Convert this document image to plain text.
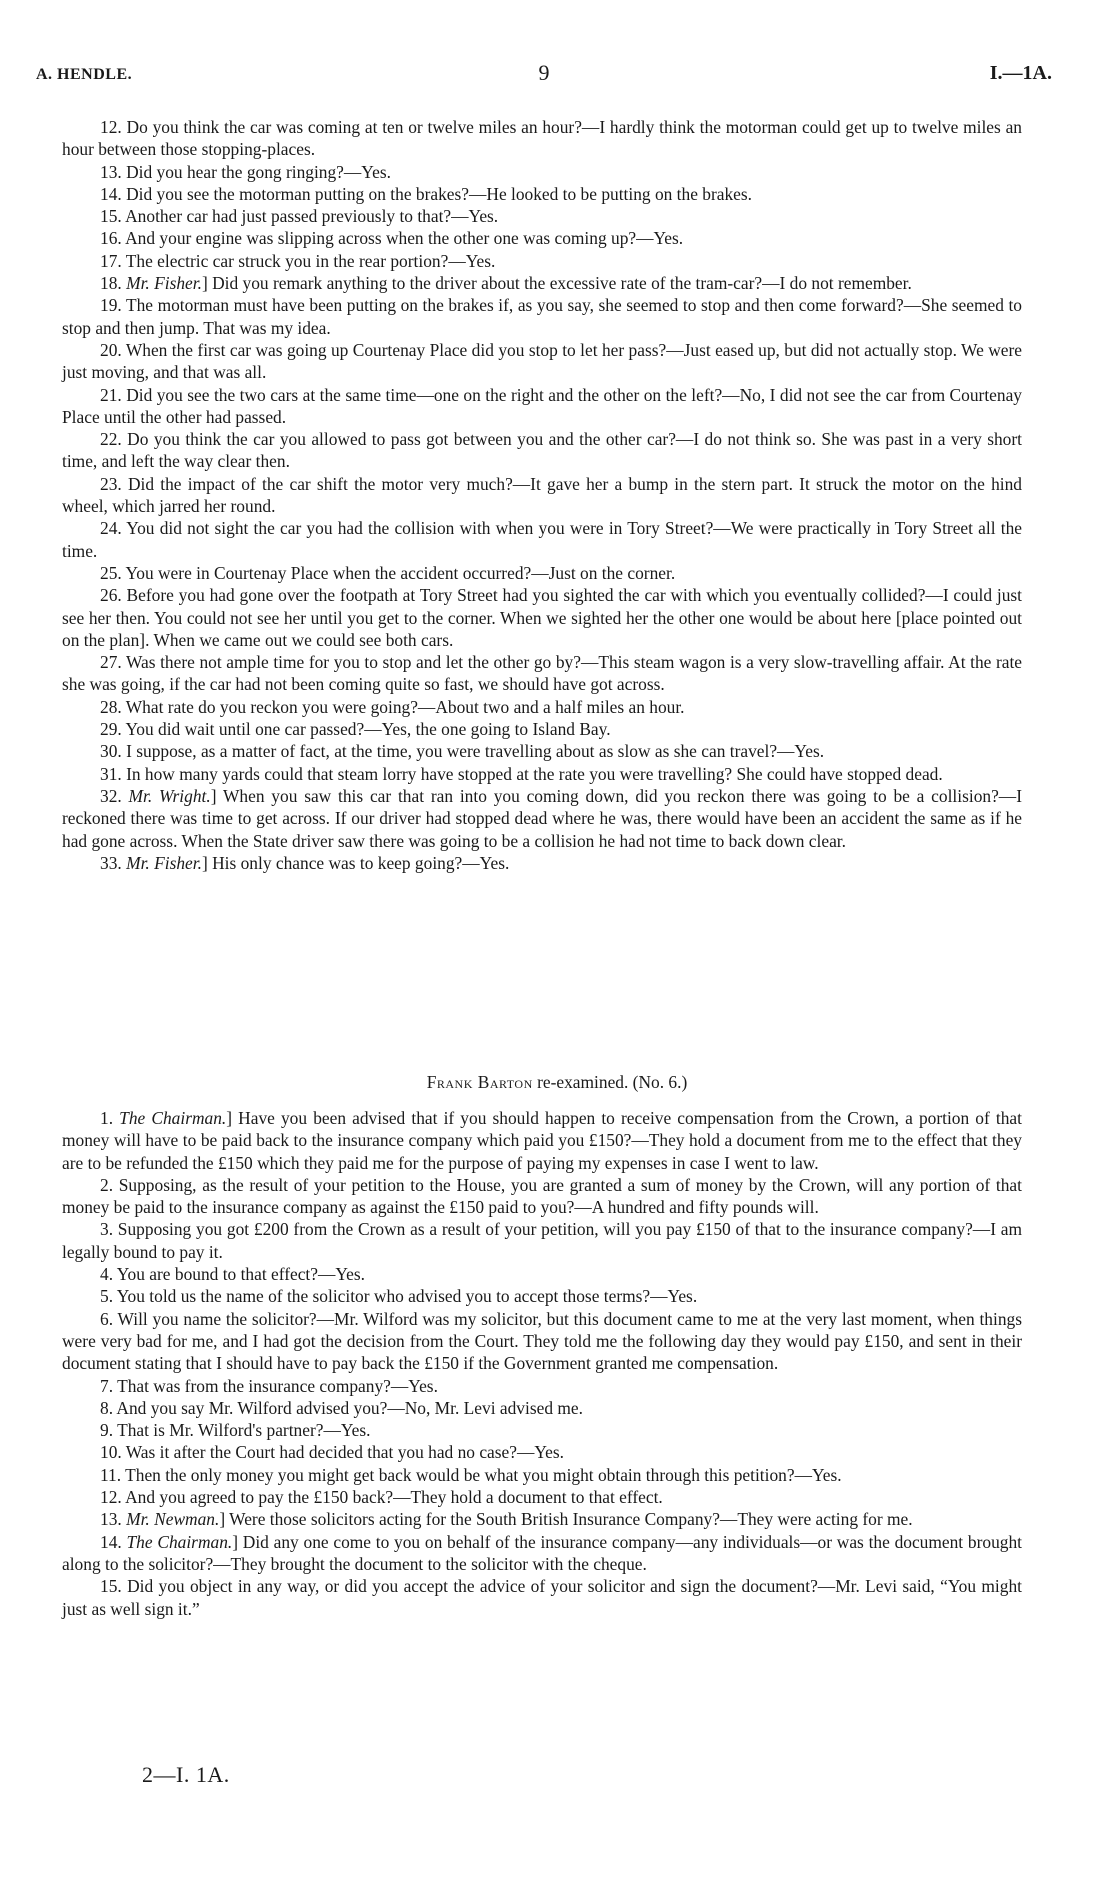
A. HENDLE.	9	I.—1A.

12. Do you think the car was coming at ten or twelve miles an hour?—I hardly think the motorman could get up to twelve miles an hour between those stopping-places.

13. Did you hear the gong ringing?—Yes.

14. Did you see the motorman putting on the brakes?—He looked to be putting on the brakes.

15. Another car had just passed previously to that?—Yes.

16. And your engine was slipping across when the other one was coming up?—Yes.

17. The electric car struck you in the rear portion?—Yes.

18. Mr. Fisher.] Did you remark anything to the driver about the excessive rate of the tram-car?—I do not remember.

19. The motorman must have been putting on the brakes if, as you say, she seemed to stop and then come forward?—She seemed to stop and then jump. That was my idea.

20. When the first car was going up Courtenay Place did you stop to let her pass?—Just eased up, but did not actually stop. We were just moving, and that was all.

21. Did you see the two cars at the same time—one on the right and the other on the left?—No, I did not see the car from Courtenay Place until the other had passed.

22. Do you think the car you allowed to pass got between you and the other car?—I do not think so. She was past in a very short time, and left the way clear then.

23. Did the impact of the car shift the motor very much?—It gave her a bump in the stern part. It struck the motor on the hind wheel, which jarred her round.

24. You did not sight the car you had the collision with when you were in Tory Street?—We were practically in Tory Street all the time.

25. You were in Courtenay Place when the accident occurred?—Just on the corner.

26. Before you had gone over the footpath at Tory Street had you sighted the car with which you eventually collided?—I could just see her then. You could not see her until you get to the corner. When we sighted her the other one would be about here [place pointed out on the plan]. When we came out we could see both cars.

27. Was there not ample time for you to stop and let the other go by?—This steam wagon is a very slow-travelling affair. At the rate she was going, if the car had not been coming quite so fast, we should have got across.

28. What rate do you reckon you were going?—About two and a half miles an hour.

29. You did wait until one car passed?—Yes, the one going to Island Bay.

30. I suppose, as a matter of fact, at the time, you were travelling about as slow as she can travel?—Yes.

31. In how many yards could that steam lorry have stopped at the rate you were travelling? She could have stopped dead.

32. Mr. Wright.] When you saw this car that ran into you coming down, did you reckon there was going to be a collision?—I reckoned there was time to get across. If our driver had stopped dead where he was, there would have been an accident the same as if he had gone across. When the State driver saw there was going to be a collision he had not time to back down clear.

33. Mr. Fisher.] His only chance was to keep going?—Yes.

Frank Barton re-examined. (No. 6.)

1. The Chairman.] Have you been advised that if you should happen to receive compensation from the Crown, a portion of that money will have to be paid back to the insurance company which paid you £150?—They hold a document from me to the effect that they are to be refunded the £150 which they paid me for the purpose of paying my expenses in case I went to law.

2. Supposing, as the result of your petition to the House, you are granted a sum of money by the Crown, will any portion of that money be paid to the insurance company as against the £150 paid to you?—A hundred and fifty pounds will.

3. Supposing you got £200 from the Crown as a result of your petition, will you pay £150 of that to the insurance company?—I am legally bound to pay it.

4. You are bound to that effect?—Yes.

5. You told us the name of the solicitor who advised you to accept those terms?—Yes.

6. Will you name the solicitor?—Mr. Wilford was my solicitor, but this document came to me at the very last moment, when things were very bad for me, and I had got the decision from the Court. They told me the following day they would pay £150, and sent in their document stating that I should have to pay back the £150 if the Government granted me compensation.

7. That was from the insurance company?—Yes.

8. And you say Mr. Wilford advised you?—No, Mr. Levi advised me.

9. That is Mr. Wilford's partner?—Yes.

10. Was it after the Court had decided that you had no case?—Yes.

11. Then the only money you might get back would be what you might obtain through this petition?—Yes.

12. And you agreed to pay the £150 back?—They hold a document to that effect.

13. Mr. Newman.] Were those solicitors acting for the South British Insurance Company?—They were acting for me.

14. The Chairman.] Did any one come to you on behalf of the insurance company—any individuals—or was the document brought along to the solicitor?—They brought the document to the solicitor with the cheque.

15. Did you object in any way, or did you accept the advice of your solicitor and sign the document?—Mr. Levi said, “You might just as well sign it.”

2—I. 1A.
